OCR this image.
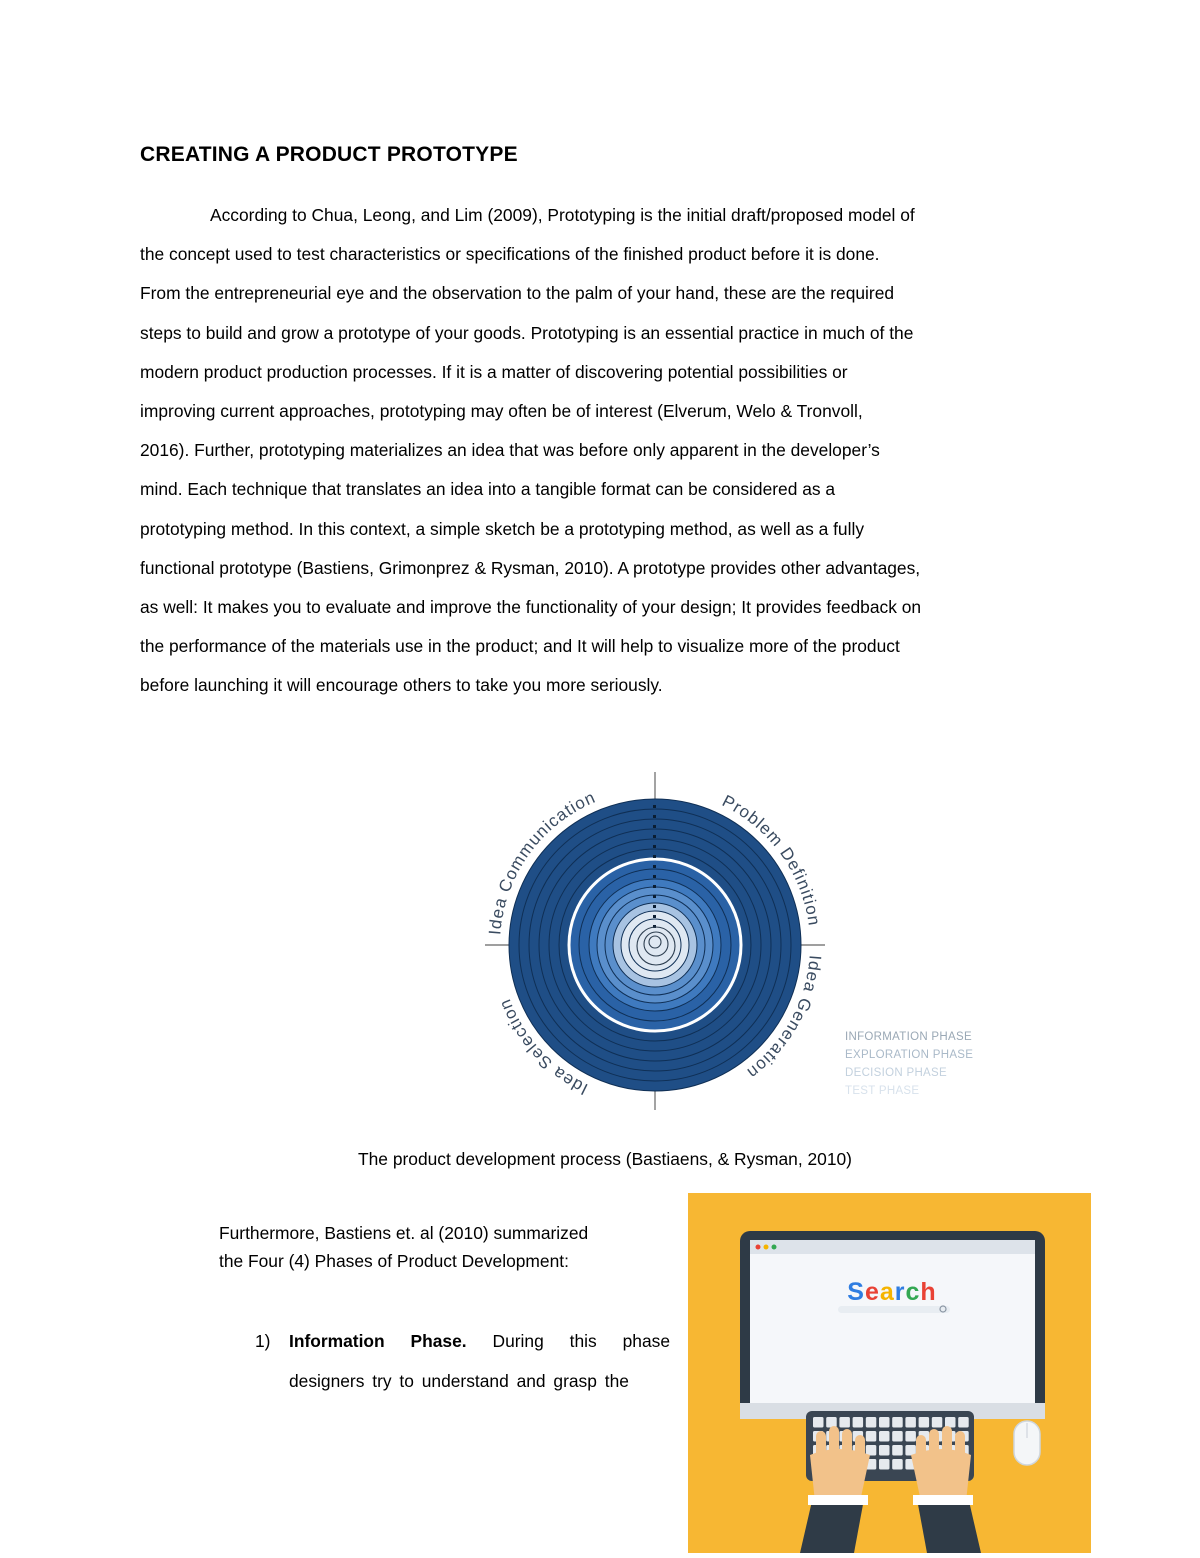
CREATING A PRODUCT PROTOTYPE

According to Chua, Leong, and Lim (2009), Prototyping is the initial draft/proposed model of
the concept used to test characteristics or specifications of the finished product before it is done.
From the entrepreneurial eye and the observation to the palm of your hand, these are the required
steps to build and grow a prototype of your goods. Prototyping is an essential practice in much of the
modern product production processes. If it is a matter of discovering potential possibilities or
improving current approaches, prototyping may often be of interest (Elverum, Welo & Tronvoll,
2016). Further, prototyping materializes an idea that was before only apparent in the developer’s
mind. Each technique that translates an idea into a tangible format can be considered as a
prototyping method. In this context, a simple sketch be a prototyping method, as well as a fully
functional prototype (Bastiens, Grimonprez & Rysman, 2010). A prototype provides other advantages,
as well: It makes you to evaluate and improve the functionality of your design; It provides feedback on
the performance of the materials use in the product; and It will help to visualize more of the product
before launching it will encourage others to take you more seriously.

Idea Communication	Problem Definition
Idea Generation
Idea Selection
INFORMATION PHASE
EXPLORATION PHASE
DECISION PHASE
TEST PHASE

The product development process (Bastiaens, & Rysman, 2010)

Furthermore, Bastiens et. al (2010) summarized
the Four (4) Phases of Product Development:

1) Information Phase. During this phase
designers try to understand and grasp the
Search
